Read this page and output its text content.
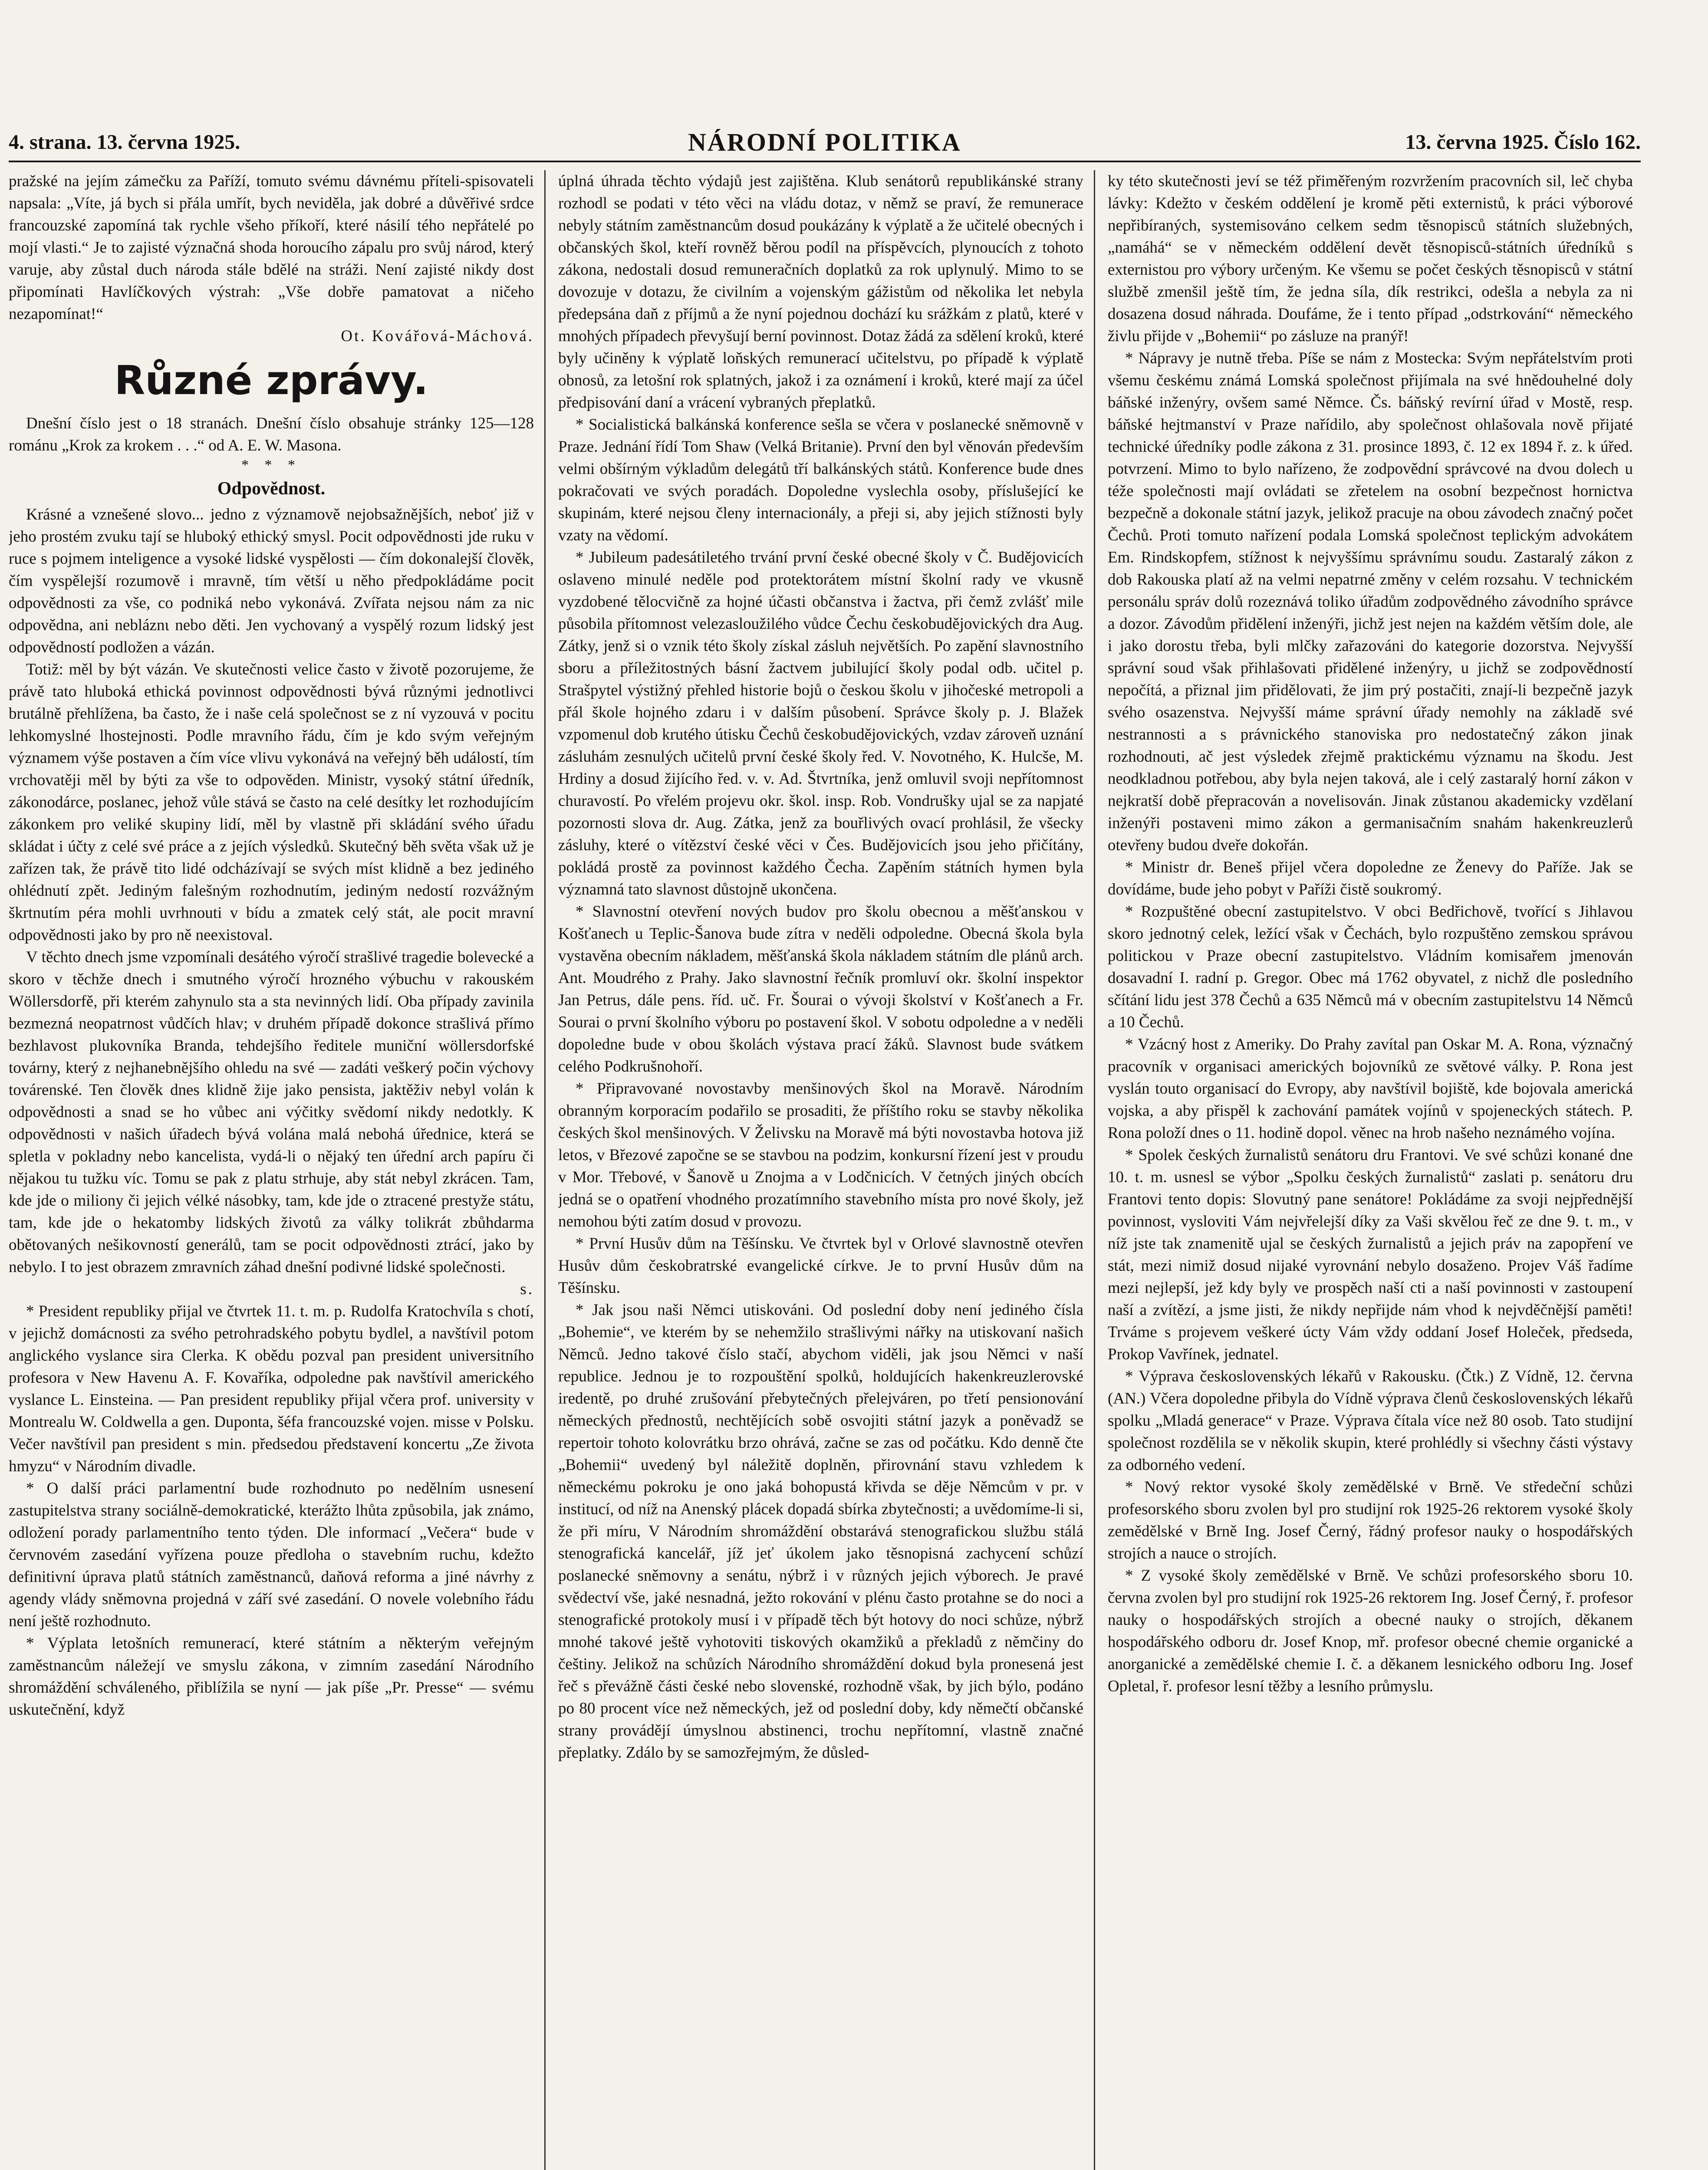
4. strana. 13. června 1925.	NÁRODNÍ POLITIKA	13. června 1925. Číslo 162.

pražské na jejím zámečku za Paříží, tomuto svému dávnému příteli-spisovateli napsala: „Víte, já bych si přála umřít, bych neviděla, jak dobré a důvěřivé srdce francouzské zapomíná tak rychle všeho příkoří, které násilí tého nepřátelé po mojí vlasti.“ Je to zajisté význačná shoda horoucího zápalu pro svůj národ, který varuje, aby zůstal duch národa stále bdělé na stráži. Není zajisté nikdy dost připomínati Havlíčkových výstrah: „Vše dobře pamatovat a ničeho nezapomínat!“

Ot. Kovářová-Máchová.

Různé zprávy.

Dnešní číslo jest o 18 stranách. Dnešní číslo obsahuje stránky 125—128 románu „Krok za krokem . . .“ od A. E. W. Masona.

* * *
Odpovědnost.

Krásné a vznešené slovo... jedno z významově nejobsažnějších, neboť již v jeho prostém zvuku tají se hluboký ethický smysl. Pocit odpovědnosti jde ruku v ruce s pojmem inteligence a vysoké lidské vyspělosti — čím dokonalejší člověk, čím vyspělejší rozumově i mravně, tím větší u něho předpokládáme pocit odpovědnosti za vše, co podniká nebo vykonává. Zvířata nejsou nám za nic odpovědna, ani nebláznι nebo děti. Jen vychovaný a vyspělý rozum lidský jest odpovědností podložen a vázán.

Totiž: měl by být vázán. Ve skutečnosti velice často v životě pozorujeme, že právě tato hluboká ethická povinnost odpovědnosti bývá různými jednotlivci brutálně přehlížena, ba často, že i naše celá společnost se z ní vyzouvá v pocitu lehkomyslné lhostejnosti. Podle mravního řádu, čím je kdo svým veřejným významem výše postaven a čím více vlivu vykonává na veřejný běh událostí, tím vrchovatěji měl by býti za vše to odpověden. Ministr, vysoký státní úředník, zákonodárce, poslanec, jehož vůle stává se často na celé desítky let rozhodujícím zákonkem pro veliké skupiny lidí, měl by vlastně při skládání svého úřadu skládat i účty z celé své práce a z jejích výsledků. Skutečný běh světa však už je zařízen tak, že právě tito lidé odcházívají se svých míst klidně a bez jediného ohlédnutí zpět. Jediným falešným rozhodnutím, jediným nedostí rozvážným škrtnutím péra mohli uvrhnouti v bídu a zmatek celý stát, ale pocit mravní odpovědnosti jako by pro ně neexistoval.

V těchto dnech jsme vzpomínali desátého výročí strašlivé tragedie bolevecké a skoro v těchže dnech i smutného výročí hrozného výbuchu v rakouském Wöllersdorfě, při kterém zahynulo sta a sta nevinných lidí. Oba případy zavinila bezmezná neopatrnost vůdčích hlav; v druhém případě dokonce strašlivá přímo bezhlavost plukovníka Branda, tehdejšího ředitele muniční wöllersdorfské továrny, který z nejhanebnějšího ohledu na své — zadáti veškerý počin výchovy továrenské. Ten člověk dnes klidně žije jako pensista, jaktěživ nebyl volán k odpovědnosti a snad se ho vůbec ani výčitky svědomí nikdy nedotkly. K odpovědnosti v našich úřadech bývá volána malá nebohá úřednice, která se spletla v pokladny nebo kancelista, vydá-li o nějaký ten úřední arch papíru či nějakou tu tužku víc. Tomu se pak z platu strhuje, aby stát nebyl zkrácen. Tam, kde jde o miliony či jejich vélké násobky, tam, kde jde o ztracené prestyže státu, tam, kde jde o hekatomby lidských životů za války tolikrát zbůhdarma obětovaných nešikovností generálů, tam se pocit odpovědnosti ztrácí, jako by nebylo. I to jest obrazem zmravních záhad dnešní podivné lidské společnosti.

s.

* President republiky přijal ve čtvrtek 11. t. m. p. Rudolfa Kratochvíla s chotí, v jejichž domácnosti za svého petrohradského pobytu bydlel, a navštívil potom anglického vyslance sira Clerka. K obědu pozval pan president universitního profesora v New Havenu A. F. Kovaříka, odpoledne pak navštívil amerického vyslance L. Einsteina. — Pan president republiky přijal včera prof. university v Montrealu W. Coldwella a gen. Duponta, šéfa francouzské vojen. misse v Polsku. Večer navštívil pan president s min. předsedou představení koncertu „Ze života hmyzu“ v Národním divadle.

* O další práci parlamentní bude rozhodnuto po nedělním usnesení zastupitelstva strany sociálně-demokratické, kterážto lhůta způsobila, jak známo, odložení porady parlamentního tento týden. Dle informací „Večera“ bude v červnovém zasedání vyřízena pouze předloha o stavebním ruchu, kdežto definitivní úprava platů státních zaměstnanců, daňová reforma a jiné návrhy z agendy vlády sněmovna projedná v září své zasedání. O novele volebního řádu není ještě rozhodnuto.

* Výplata letošních remunerací, které státním a některým veřejným zaměstnancům náležejí ve smyslu zákona, v zimním zasedání Národního shromáždění schváleného, přiblížila se nyní — jak píše „Pr. Presse“ — svému uskutečnění, když

úplná úhrada těchto výdajů jest zajištěna. Klub senátorů republikánské strany rozhodl se podati v této věci na vládu dotaz, v němž se praví, že remunerace nebyly státním zaměstnancům dosud poukázány k výplatě a že učitelé obecných i občanských škol, kteří rovněž běrou podíl na příspěvcích, plynoucích z tohoto zákona, nedostali dosud remuneračních doplatků za rok uplynulý. Mimo to se dovozuje v dotazu, že civilním a vojenským gážistům od několika let nebyla předepsána daň z příjmů a že nyní pojednou dochází ku srážkám z platů, které v mnohých případech převyšují berní povinnost. Dotaz žádá za sdělení kroků, které byly učiněny k výplatě loňských remunerací učitelstvu, po případě k výplatě obnosů, za letošní rok splatných, jakož i za oznámení i kroků, které mají za účel předpisování daní a vrácení vybraných přeplatků.

* Socialistická balkánská konference sešla se včera v poslanecké sněmovně v Praze. Jednání řídí Tom Shaw (Velká Britanie). První den byl věnován především velmi obšírným výkladům delegátů tří balkánských států. Konference bude dnes pokračovati ve svých poradách. Dopoledne vyslechla osoby, příslušející ke skupinám, které nejsou členy internacionály, a přeji si, aby jejich stížnosti byly vzaty na vědomí.

* Jubileum padesátiletého trvání první české obecné školy v Č. Budějovicích oslaveno minulé neděle pod protektorátem místní školní rady ve vkusně vyzdobené tělocvičně za hojné účasti občanstva i žactva, při čemž zvlášť mile působila přítomnost velezasloužilého vůdce Čechu českobudějovických dra Aug. Zátky, jenž si o vznik této školy získal zásluh největších. Po zapění slavnostního sboru a příležitostných básní žactvem jubilující školy podal odb. učitel p. Strašpytel výstižný přehled historie bojů o českou školu v jihočeské metropoli a přál škole hojného zdaru i v dalším působení. Správce školy p. J. Blažek vzpomenul dob krutého útisku Čechů českobudějovických, vzdav zároveň uznání zásluhám zesnulých učitelů první české školy řed. V. Novotného, K. Hulcše, M. Hrdiny a dosud žijícího řed. v. v. Ad. Štvrtníka, jenž omluvil svoji nepřítomnost churavostí. Po vřelém projevu okr. škol. insp. Rob. Vondrušky ujal se za napjaté pozornosti slova dr. Aug. Zátka, jenž za bouřlivých ovací prohlásil, že všecky zásluhy, které o vítězství české věci v Čes. Budějovicích jsou jeho přičítány, pokládá prostě za povinnost každého Čecha. Zapěním státních hymen byla významná tato slavnost důstojně ukončena.

* Slavnostní otevření nových budov pro školu obecnou a měšťanskou v Košťanech u Teplic-Šanova bude zítra v neděli odpoledne. Obecná škola byla vystavěna obecním nákladem, měšťanská škola nákladem státním dle plánů arch. Ant. Moudrého z Prahy. Jako slavnostní řečník promluví okr. školní inspektor Jan Petrus, dále pens. říd. uč. Fr. Šourai o vývoji školství v Košťanech a Fr. Sourai o první školního výboru po postavení škol. V sobotu odpoledne a v neděli dopoledne bude v obou školách výstava prací žáků. Slavnost bude svátkem celého Podkrušnohoří.

* Připravované novostavby menšinových škol na Moravě. Národním obranným korporacím podařilo se prosaditi, že příštího roku se stavby několika českých škol menšinových. V Želivsku na Moravě má býti novostavba hotova již letos, v Březové započne se se stavbou na podzim, konkursní řízení jest v proudu v Mor. Třebové, v Šanově u Znojma a v Lodčnicích. V četných jiných obcích jedná se o opatření vhodného prozatímního stavebního místa pro nové školy, jež nemohou býti zatím dosud v provozu.

* První Husův dům na Těšínsku. Ve čtvrtek byl v Orlové slavnostně otevřen Husův dům českobratrské evangelické církve. Je to první Husův dům na Těšínsku.

* Jak jsou naši Němci utiskováni. Od poslední doby není jediného čísla „Bohemie“, ve kterém by se nehemžilo strašlivými nářky na utiskovaní našich Němců. Jedno takové číslo stačí, abychom viděli, jak jsou Němci v naší republice. Jednou je to rozpouštění spolků, holdujících hakenkreuzlerovské iredentě, po druhé zrušování přebytečných přelejváren, po třetí pensionování německých přednostů, nechtějících sobě osvojiti státní jazyk a poněvadž se repertoir tohoto kolovrátku brzo ohrává, začne se zas od počátku. Kdo denně čte „Bohemii“ uvedený byl náležitě doplněn, přirovnání stavu vzhledem k německému pokroku je ono jaká bohopustá křivda se děje Němcům v pr. v institucí, od níž na Anenský plácek dopadá sbírka zbytečnosti; a uvědomíme-li si, že při míru, V Národním shromáždění obstarává stenografickou službu stálá stenografická kancelář, jíž jeť úkolem jako těsnopisná zachycení schůzí poslanecké sněmovny a senátu, nýbrž i v různých jejich výborech. Je pravé svědectví vše, jaké nesnadná, ježto rokování v plénu často protahne se do noci a stenografické protokoly musí i v případě těch být hotovy do noci schůze, nýbrž mnohé takové ještě vyhotoviti tiskových okamžiků a překladů z němčiny do češtiny. Jelikož na schůzích Národního shromáždění dokud byla pronesená jest řeč s převážně části české nebo slovenské, rozhodně však, by jich býlo, podáno po 80 procent více než německých, jež od poslední doby, kdy němečtí občanské strany provádějí úmyslnou abstinenci, trochu nepřítomní, vlastně značné přeplatky. Zdálo by se samozřejmým, že důsled-

ky této skutečnosti jeví se též přiměřeným rozvržením pracovních sil, leč chyba lávky: Kdežto v českém oddělení je kromě pěti externistů, k práci výborové nepřibíraných, systemisováno celkem sedm těsnopisců státních služebných, „namáhá“ se v německém oddělení devět těsnopisců-státních úředníků s externistou pro výbory určeným. Ke všemu se počet českých těsnopisců v státní službě zmenšil ještě tím, že jedna síla, dík restrikci, odešla a nebyla za ni dosazena dosud náhrada. Doufáme, že i tento případ „odstrkování“ německého živlu přijde v „Bohemii“ po zásluze na pranýř!

* Nápravy je nutně třeba. Píše se nám z Mostecka: Svým nepřátelstvím proti všemu českému známá Lomská společnost přijímala na své hnědouhelné doly báňské inženýry, ovšem samé Němce. Čs. báňský revírní úřad v Mostě, resp. báňské hejtmanství v Praze nařídilo, aby společnost ohlašovala nově přijaté technické úředníky podle zákona z 31. prosince 1893, č. 12 ex 1894 ř. z. k úřed. potvrzení. Mimo to bylo nařízeno, že zodpovědní správcové na dvou dolech u téže společnosti mají ovládati se zřetelem na osobní bezpečnost hornictva bezpečně a dokonale státní jazyk, jelikož pracuje na obou závodech značný počet Čechů. Proti tomuto nařízení podala Lomská společnost teplickým advokátem Em. Rindskopfem, stížnost k nejvyššímu správnímu soudu. Zastaralý zákon z dob Rakouska platí až na velmi nepatrné změny v celém rozsahu. V technickém personálu správ dolů rozeznává toliko úřadům zodpovědného závodního správce a dozor. Závodům přidělení inženýři, jichž jest nejen na každém větším dole, ale i jako dorostu třeba, byli mlčky zařazováni do kategorie dozorstva. Nejvyšší správní soud však přihlašovati přidělené inženýry, u jichž se zodpovědností nepočítá, a přiznal jim přidělovati, že jim prý postačiti, znají-li bezpečně jazyk svého osazenstva. Nejvyšší máme správní úřady nemohly na základě své nestrannosti a s právnického stanoviska pro nedostatečný zákon jinak rozhodnouti, ač jest výsledek zřejmě praktickému významu na škodu. Jest neodkladnou potřebou, aby byla nejen taková, ale i celý zastaralý horní zákon v nejkratší době přepracován a novelisován. Jinak zůstanou akademicky vzdělaní inženýři postaveni mimo zákon a germanisačním snahám hakenkreuzlerů otevřeny budou dveře dokořán.

* Ministr dr. Beneš přijel včera dopoledne ze Ženevy do Paříže. Jak se dovídáme, bude jeho pobyt v Paříži čistě soukromý.

* Rozpuštěné obecní zastupitelstvo. V obci Bedřichově, tvořící s Jihlavou skoro jednotný celek, ležící však v Čechách, bylo rozpuštěno zemskou správou politickou v Praze obecní zastupitelstvo. Vládním komisařem jmenován dosavadní I. radní p. Gregor. Obec má 1762 obyvatel, z nichž dle posledního sčítání lidu jest 378 Čechů a 635 Němců má v obecním zastupitelstvu 14 Němců a 10 Čechů.

* Vzácný host z Ameriky. Do Prahy zavítal pan Oskar M. A. Rona, význačný pracovník v organisaci amerických bojovníků ze světové války. P. Rona jest vyslán touto organisací do Evropy, aby navštívil bojiště, kde bojovala americká vojska, a aby přispěl k zachování památek vojínů v spojeneckých státech. P. Rona položí dnes o 11. hodině dopol. věnec na hrob našeho neznámého vojína.

* Spolek českých žurnalistů senátoru dru Frantovi. Ve své schůzi konané dne 10. t. m. usnesl se výbor „Spolku českých žurnalistů“ zaslati p. senátoru dru Frantovi tento dopis: Slovutný pane senátore! Pokládáme za svoji nejpřednější povinnost, vysloviti Vám nejvřelejší díky za Vaši skvělou řeč ze dne 9. t. m., v níž jste tak znamenitě ujal se českých žurnalistů a jejich práv na zapopření ve stát, mezi nimiž dosud nijaké vyrovnání nebylo dosaženo. Projev Váš řadíme mezi nejlepší, jež kdy byly ve prospěch naší cti a naší povinnosti v zastoupení naší a zvítězí, a jsme jisti, že nikdy nepřijde nám vhod k nejvděčnější paměti! Trváme s projevem veškeré úcty Vám vždy oddaní Josef Holeček, předseda, Prokop Vavřínek, jednatel.

* Výprava československých lékařů v Rakousku. (Čtk.) Z Vídně, 12. června (AN.) Včera dopoledne přibyla do Vídně výprava členů československých lékařů spolku „Mladá generace“ v Praze. Výprava čítala více než 80 osob. Tato studijní společnost rozdělila se v několik skupin, které prohlédly si všechny části výstavy za odborného vedení.

* Nový rektor vysoké školy zemědělské v Brně. Ve středeční schůzi profesorského sboru zvolen byl pro studijní rok 1925-26 rektorem vysoké školy zemědělské v Brně Ing. Josef Černý, řádný profesor nauky o hospodářských strojích a nauce o strojích.

* Z vysoké školy zemědělské v Brně. Ve schůzi profesorského sboru 10. června zvolen byl pro studijní rok 1925-26 rektorem Ing. Josef Černý, ř. profesor nauky o hospodářských strojích a obecné nauky o strojích, děkanem hospodářského odboru dr. Josef Knop, mř. profesor obecné chemie organické a anorganické a zemědělské chemie I. č. a děkanem lesnického odboru Ing. Josef Opletal, ř. profesor lesní těžby a lesního průmyslu.
